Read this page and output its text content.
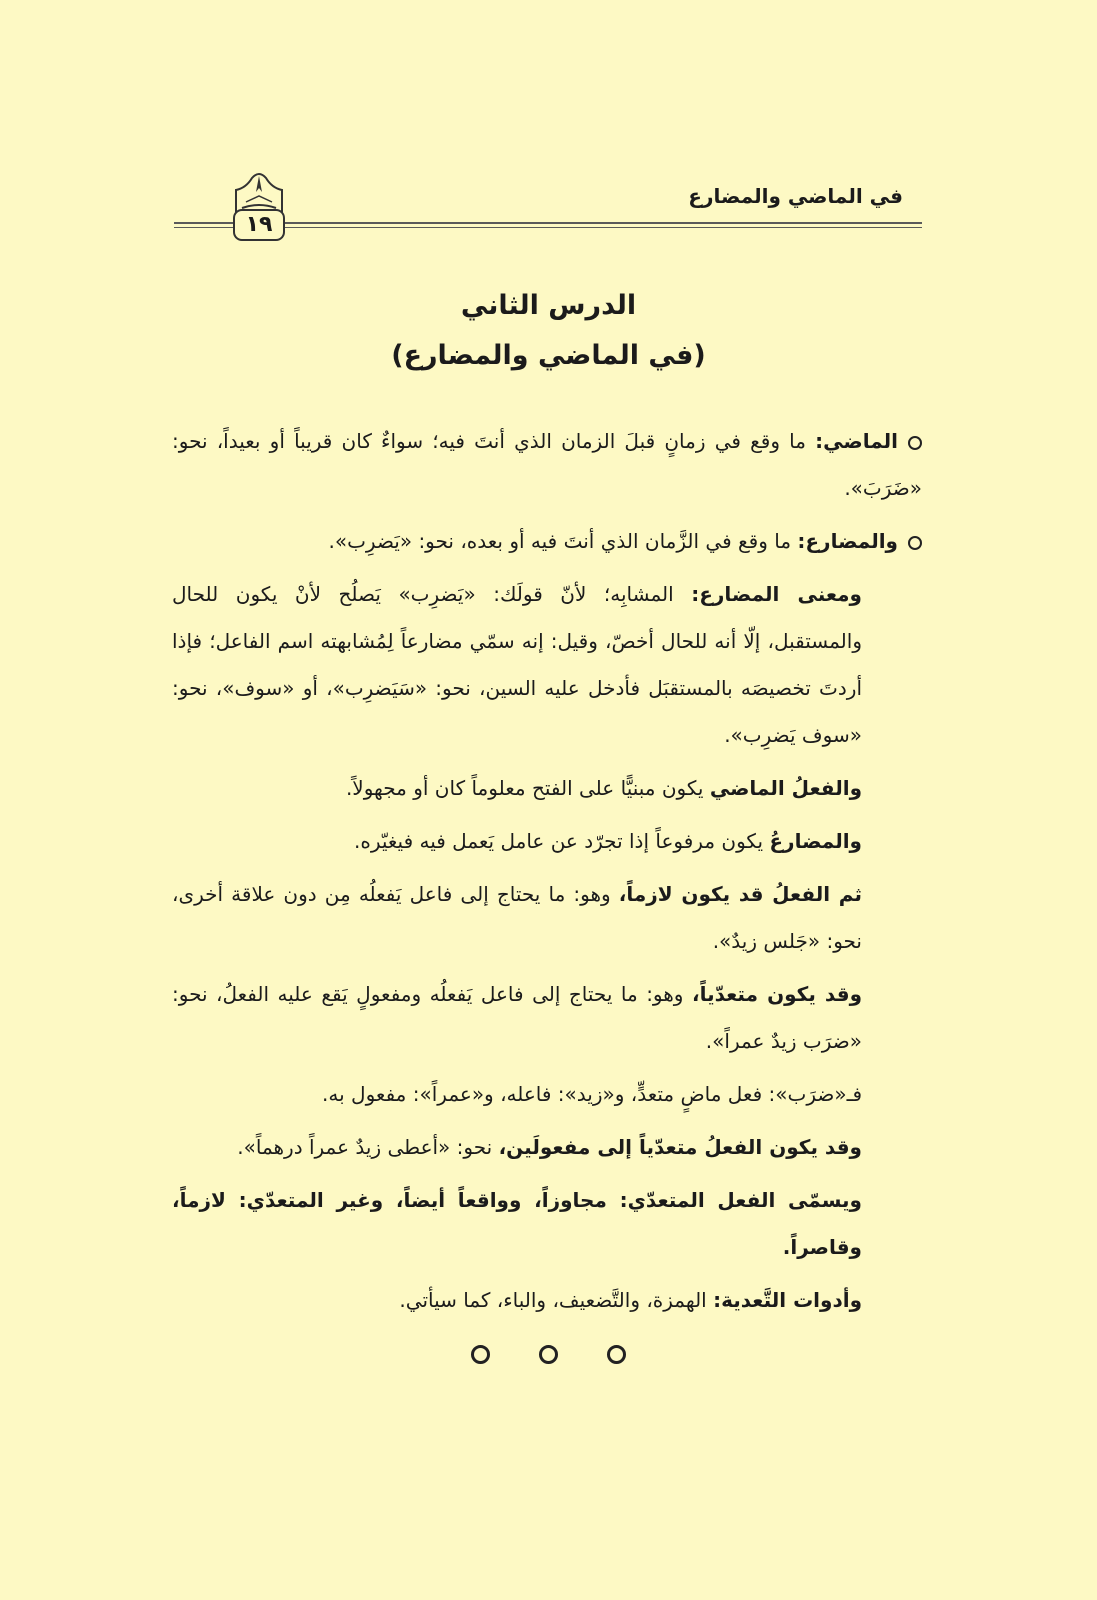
في الماضي والمضارع
١٩
الدرس الثاني
(في الماضي والمضارع)

الماضي: ما وقع في زمانٍ قبلَ الزمان الذي أنتَ فيه؛ سواءٌ كان قريباً أو بعيداً، نحو: «ضَرَبَ».

والمضارع: ما وقع في الزَّمان الذي أنتَ فيه أو بعده، نحو: «يَضرِب».

ومعنى المضارع: المشابِه؛ لأنّ قولَك: «يَضرِب» يَصلُح لأنْ يكون للحال والمستقبل، إلّا أنه للحال أخصّ، وقيل: إنه سمّي مضارعاً لِمُشابهته اسم الفاعل؛ فإذا أردتَ تخصيصَه بالمستقبَل فأدخل عليه السين، نحو: «سَيَضرِب»، أو «سوف»، نحو: «سوف يَضرِب».

والفعلُ الماضي يكون مبنيًّا على الفتح معلوماً كان أو مجهولاً.

والمضارعُ يكون مرفوعاً إذا تجرّد عن عامل يَعمل فيه فيغيّره.

ثم الفعلُ قد يكون لازماً، وهو: ما يحتاج إلى فاعل يَفعلُه مِن دون علاقة أخرى، نحو: «جَلس زيدٌ».

وقد يكون متعدّياً، وهو: ما يحتاج إلى فاعل يَفعلُه ومفعولٍ يَقع عليه الفعلُ، نحو: «ضرَب زيدٌ عمراً».

فـ«ضرَب»: فعل ماضٍ متعدٍّ، و«زيد»: فاعله، و«عمراً»: مفعول به.

وقد يكون الفعلُ متعدّياً إلى مفعولَين، نحو: «أعطى زيدٌ عمراً درهماً».

ويسمّى الفعل المتعدّي: مجاوزاً، وواقعاً أيضاً، وغير المتعدّي: لازماً، وقاصراً.

وأدوات التَّعدية: الهمزة، والتَّضعيف، والباء، كما سيأتي.
